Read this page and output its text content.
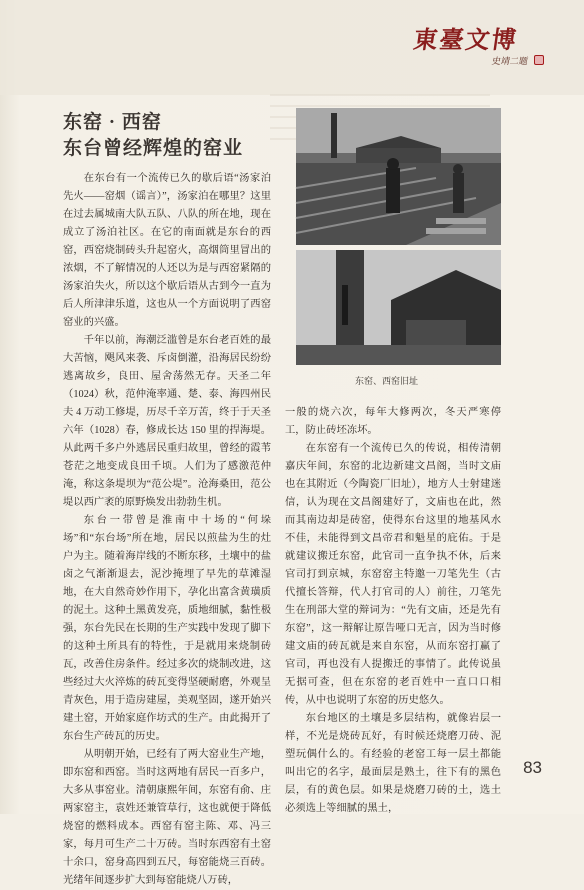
東臺文博
史靖二题
东窑 · 西窑
东台曾经辉煌的窑业

在东台有一个流传已久的歇后语“汤家泊先火——窑烟（谣言）”，汤家泊在哪里？这里在过去属城南大队五队、八队的所在地，现在成立了汤泊社区。在它的南面就是东台的西窑，西窑烧制砖头升起窑火，高烟筒里冒出的浓烟，不了解情况的人还以为是与西窑紧隔的汤家泊失火，所以这个歇后语从古到今一直为后人所津津乐道，这也从一个方面说明了西窑窑业的兴盛。

千年以前，海潮泛滥曾是东台老百姓的最大苦恼，飓风来袭、斥卤倒灌，沿海居民纷纷逃离故乡，良田、屋舍荡然无存。天圣二年（1024）秋，范仲淹率通、楚、泰、海四州民夫 4 万动工修堤，历尽千辛万苦，终于于天圣六年（1028）春，修成长达 150 里的捍海堤。从此两千多户外逃居民重归故里，曾经的霞苇苍茫之地变成良田千顷。人们为了感激范仲淹，称这条堤坝为“范公堤”。沧海桑田，范公堤以西广袤的原野焕发出勃勃生机。

东台一带曾是淮南中十场的“何垛场”和“东台场”所在地，居民以煎盐为生的灶户为主。随着海岸线的不断东移，土壤中的盐卤之气渐渐退去，泥沙掩埋了早先的草滩湿地，在大自然奇妙作用下，孕化出富含黄璜质的泥土。这种土黑黄发亮，质地细腻，黏性极强，东台先民在长期的生产实践中发现了脚下的这种土所具有的特性，于是就用来烧制砖瓦，改善住房条件。经过多次的烧制改进，这些经过大火淬炼的砖瓦变得坚硬耐磨，外观呈青灰色，用于造房建屋，美观坚固，遂开始兴建土窑，开始家庭作坊式的生产。由此揭开了东台生产砖瓦的历史。

从明朝开始，已经有了两大窑业生产地，即东窑和西窑。当时这两地有居民一百多户，大多从事窑业。清朝康熙年间，东窑有俞、庄两家窑主，袁姓还兼管草行，这也就便于降低烧窑的燃料成本。西窑有窑主陈、邓、冯三家，每月可生产二十万砖。当时东西窑有土窑十余口，窑身高四到五尺，每窑能烧三百砖。光绪年间逐步扩大到每窑能烧八万砖，

东窑、西窑旧址

一般的烧六次，每年大修两次，冬天严寒停工，防止砖坯冻坏。

在东窑有一个流传已久的传说，相传清朝嘉庆年间，东窑的北边新建文昌阁，当时文庙也在其附近（今陶瓷厂旧址），地方人士射建迷信，认为现在文昌阁建好了，文庙也在此，然而其南边却是砖窑，使得东台这里的地基风水不佳，未能得到文昌帝君和魁星的庇佑。于是就建议搬迁东窑，此官司一直争执不休，后来官司打到京城，东窑窑主特邀一刀笔先生（古代擅长答辩，代人打官司的人）前往，刀笔先生在刑部大堂的辩词为：“先有文庙，还是先有东窑”，这一辩解让原告哑口无言，因为当时修建文庙的砖瓦就是来自东窑，从而东窑打赢了官司，再也没有人提搬迁的事情了。此传说虽无据可查，但在东窑的老百姓中一直口口相传，从中也说明了东窑的历史悠久。

东台地区的土壤是多层结构，就像岩层一样，不光是烧砖瓦好，有时候还烧磨刀砖、泥塑玩偶什么的。有经验的老窑工每一层土都能叫出它的名字，最面层是熟土，往下有的黑色层，有的黄色层。如果是烧磨刀砖的土，选土必须选上等细腻的黑土，

83
